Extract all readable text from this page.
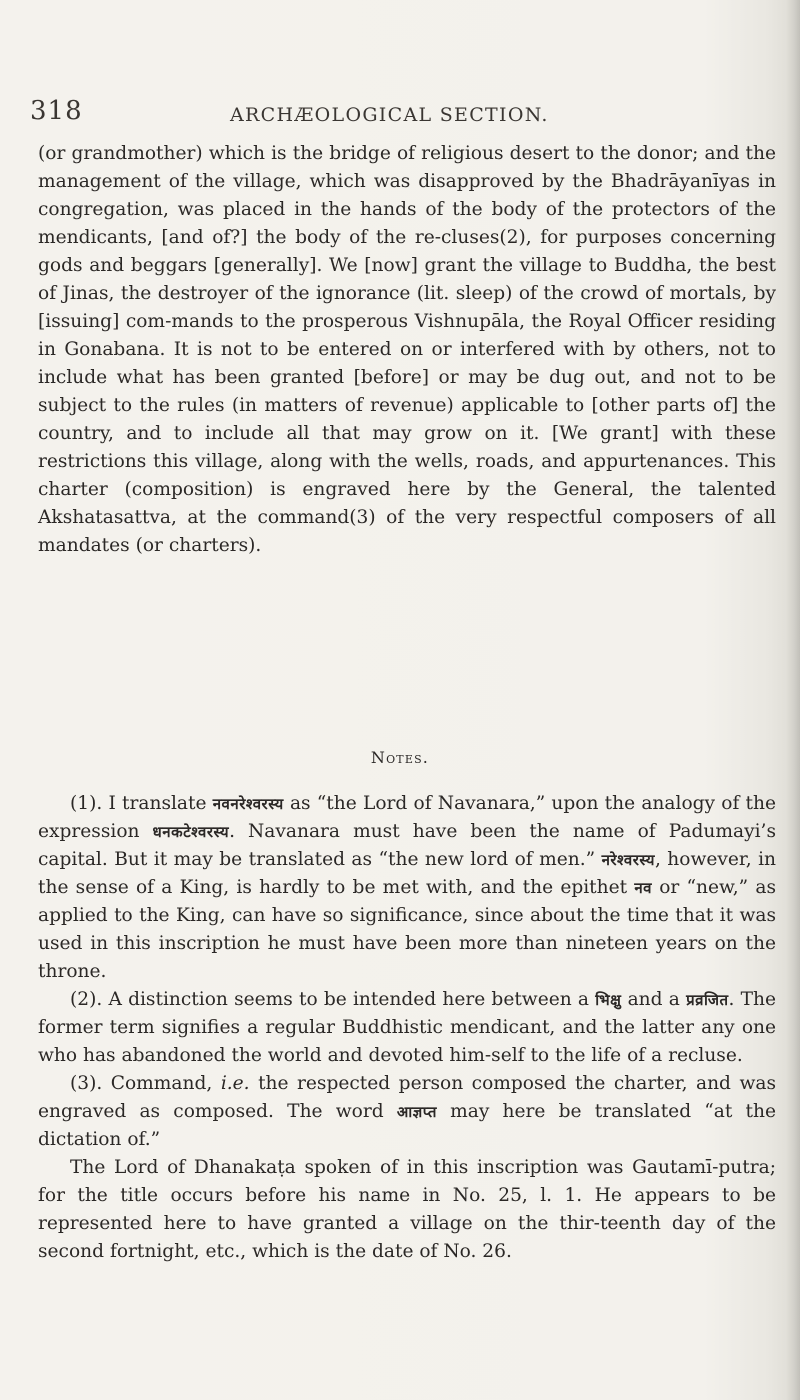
318	ARCHÆOLOGICAL SECTION.

(or grandmother) which is the bridge of religious desert to the donor; and the management of the village, which was disapproved by the Bhadrāyanīyas in congregation, was placed in the hands of the body of the protectors of the mendicants, [and of?] the body of the re-cluses(2), for purposes concerning gods and beggars [generally]. We [now] grant the village to Buddha, the best of Jinas, the destroyer of the ignorance (lit. sleep) of the crowd of mortals, by [issuing] com-mands to the prosperous Vishnupāla, the Royal Officer residing in Gonabana. It is not to be entered on or interfered with by others, not to include what has been granted [before] or may be dug out, and not to be subject to the rules (in matters of revenue) applicable to [other parts of] the country, and to include all that may grow on it. [We grant] with these restrictions this village, along with the wells, roads, and appurtenances. This charter (composition) is engraved here by the General, the talented Akshatasattva, at the command(3) of the very respectful composers of all mandates (or charters).

Notes.

(1). I translate नवनरेश्वरस्य as “the Lord of Navanara,” upon the analogy of the expression धनकटेश्वरस्य. Navanara must have been the name of Padumayi’s capital. But it may be translated as “the new lord of men.” नरेश्वरस्य, however, in the sense of a King, is hardly to be met with, and the epithet नव or “new,” as applied to the King, can have so significance, since about the time that it was used in this inscription he must have been more than nineteen years on the throne.

(2). A distinction seems to be intended here between a भिक्षु and a प्रव्रजित. The former term signifies a regular Buddhistic mendicant, and the latter any one who has abandoned the world and devoted him-self to the life of a recluse.

(3). Command, i.e. the respected person composed the charter, and was engraved as composed. The word आज्ञप्त may here be translated “at the dictation of.”

The Lord of Dhanakaṭa spoken of in this inscription was Gautamī-putra; for the title occurs before his name in No. 25, l. 1. He appears to be represented here to have granted a village on the thir-teenth day of the second fortnight, etc., which is the date of No. 26.
